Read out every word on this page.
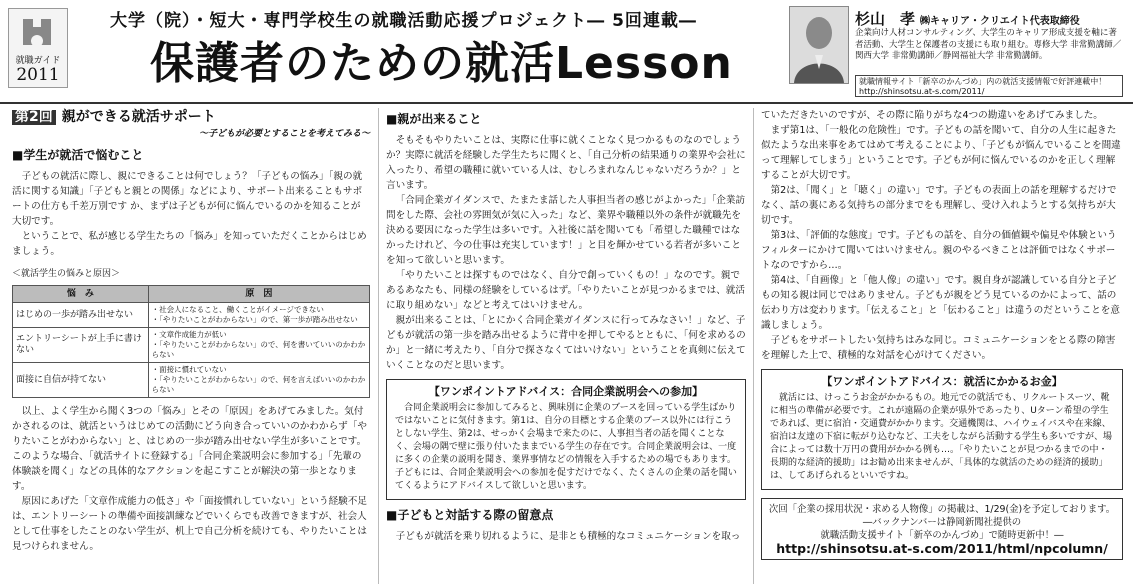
就職ガイド
2011
大学（院）・短大・専門学校生の就職活動応援プロジェクト― 5回連載―
保護者のための就活Lesson
杉山　孝 ㈱キャリア・クリエイト代表取締役
企業向け人材コンサルティング、大学生のキャリア形成支援を軸に著者活動、大学生と保護者の支援にも取り組む。専修大学 非常勤講師／関西大学 非常勤講師／静岡福祉大学 非常勤講師。
就職情報サイト「新卒のかんづめ」内の就活支援情報で好評連載中！ http://shinsotsu.at-s.com/2011/
第2回 親ができる就活サポート
～子どもが必要とすることを考えてみる～
■学生が就活で悩むこと

子どもの就活に際し、親にできることは何でしょう？「子どもの悩み」「親の就活に関する知識」「子どもと親との関係」などにより、サポート出来ることもサポートの仕方も千差万別です か、まずは子どもが何に悩んでいるのかを知ることが大切です。

ということで、私が感じる学生たちの「悩み」を知っていただくことからはじめましょう。

＜就活学生の悩みと原因＞
悩　み	原　因
はじめの一歩が踏み出せない	・社会人になること、働くことがイメージできない
・「やりたいことがわからない」ので、第一歩が踏み出せない
エントリーシートが上手に書けない	・文章作成能力が低い
・「やりたいことがわからない」ので、何を書いていいのかわからない
面接に自信が持てない	・面接に慣れていない
・「やりたいことがわからない」ので、何を言えばいいのかわからない

以上、よく学生から聞く3つの「悩み」とその「原因」をあげてみました。気付かされるのは、就活というはじめての活動にどう向き合っていいのかわからず「やりたいことがわからない」と、はじめの一歩が踏み出せない学生が多いことです。このような場合、「就活サイトに登録する」「合同企業説明会に参加する」「先輩の体験談を聞く」などの具体的なアクションを起こすことが解決の第一歩となります。

原因にあげた「文章作成能力の低さ」や「面接慣れしていない」という経験不足は、エントリーシートの準備や面接訓練などでいくらでも改善できますが、社会人として仕事をしたことのない学生が、机上で自己分析を続けても、やりたいことは見つけられません。

■親が出来ること

そもそもやりたいことは、実際に仕事に就くことなく見つかるものなのでしょうか？実際に就活を経験した学生たちに聞くと、「自己分析の結果通りの業界や会社に入ったり、希望の職種に就いている人は、むしろまれなんじゃないだろうか？」と言います。

「合同企業ガイダンスで、たまたま話した人事担当者の感じがよかった」「企業訪問をした際、会社の雰囲気が気に入った」など、業界や職種以外の条件が就職先を決める要因になった学生は多いです。入社後に話を聞いても「希望した職種ではなかったけれど、今の仕事は充実しています！」と目を輝かせている若者が多いことを知って欲しいと思います。

「やりたいことは探すものではなく、自分で創っていくもの！」なのです。親であるあなたも、同様の経験をしているはず。「やりたいことが見つかるまでは、就活に取り組めない」などと考えてはいけません。

親が出来ることは、「とにかく合同企業ガイダンスに行ってみなさい！」など、子どもが就活の第一歩を踏み出せるように背中を押してやるとともに、「何を求めるのか」と一緒に考えたり、「自分で探さなくてはいけない」ということを真剣に伝えていくことなのだと思います。

【ワンポイントアドバイス：合同企業説明会への参加】

合同企業説明会に参加してみると、興味別に企業のブースを回っている学生ばかりではないことに気付きます。第1は、自分の目標とする企業のブース以外には行こうとしない学生、第2は、せっかく会場まで来たのに、人事担当者の話を聞くことなく、会場の隅で壁に張り付いたままでいる学生の存在です。合同企業説明会は、一度に多くの企業の説明を聞き、業界事情などの情報を入手するための場でもあります。子どもには、合同企業説明会への参加を促すだけでなく、たくさんの企業の話を聞いてくるようにアドバイスして欲しいと思います。

■子どもと対話する際の留意点

子どもが就活を乗り切れるように、是非とも積極的なコミュニケーションを取っ

ていただきたいのですが、その際に陥りがちな4つの勘違いをあげてみました。

まず第1は、「一般化の危険性」です。子どもの話を聞いて、自分の人生に起きた似たような出来事をあてはめて考えることにより、「子どもが悩んでいることを間違って理解してしまう」ということです。子どもが何に悩んでいるのかを正しく理解することが大切です。

第2は、「聞く」と「聴く」の違い」です。子どもの表面上の話を理解するだけでなく、話の裏にある気持ちの部分までをも理解し、受け入れようとする気持ちが大切です。

第3は、「評価的な態度」です。子どもの話を、自分の価値観や偏見や体験というフィルターにかけて聞いてはいけません。親のやるべきことは評価ではなくサポートなのですから…。

第4は、「自画像」と「他人像」の違い」です。親自身が認識している自分と子どもの知る親は同じではありません。子どもが親をどう見ているのかによって、話の伝わり方は変わります。「伝えること」と「伝わること」は違うのだということを意識しましょう。

子どもをサポートしたい気持ちはみな同じ。コミュニケーションをとる際の障害を理解した上で、積極的な対話を心がけてください。

【ワンポイントアドバイス：就活にかかるお金】

就活には、けっこうお金がかかるもの。地元での就活でも、リクルートスーツ、靴に相当の準備が必要です。これが遠隔の企業が県外であったり、Uターン希望の学生であれば、更に宿泊・交通費がかかります。交通機関は、ハイウェイバスや在来線、宿泊は友達の下宿に転がり込むなど、工夫をしながら活動する学生も多いですが、場合によっては数十万円の費用がかかる例も…。「やりたいことが見つかるまでの中・長期的な経済的援助」はお勧め出来ませんが、「具体的な就活のための経済的援助」は、してあげられるといいですね。

次回「企業の採用状況・求める人物像」の掲載は、1/29(金)を予定しております。
―バックナンバーは静岡新聞社提供の
就職活動支援サイト「新卒のかんづめ」で随時更新中！―
http://shinsotsu.at-s.com/2011/html/npcolumn/
